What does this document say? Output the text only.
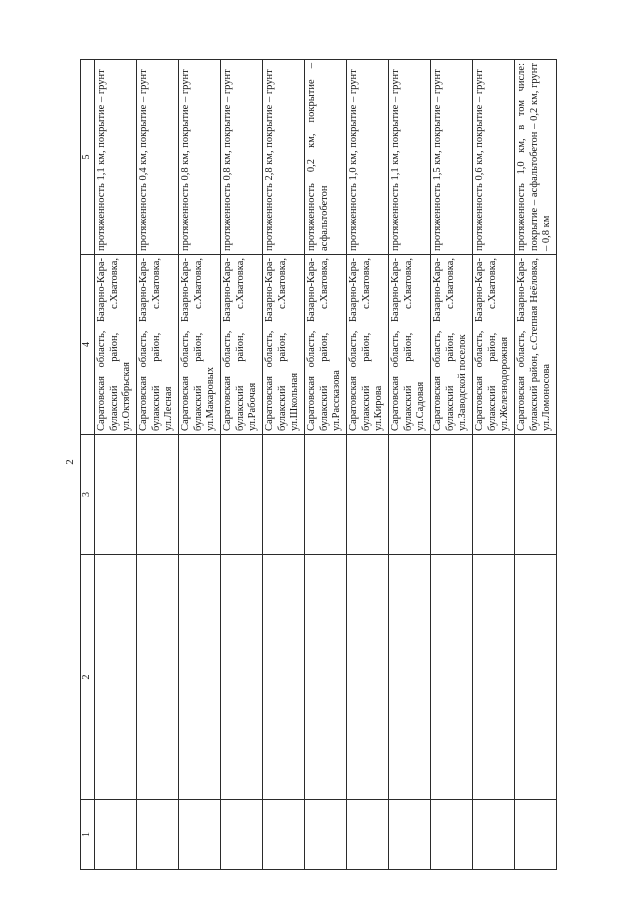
2
1	2	3	4	5
			Саратовская область, Базарно-Кара-булакский район, с.Хватовка, ул.Октябрьская	протяженность 1,1 км, покрытие – грунт
			Саратовская область, Базарно-Кара-булакский район, с.Хватовка, ул.Лесная	протяженность 0,4 км, покрытие – грунт
			Саратовская область, Базарно-Кара-булакский район, с.Хватовка, ул.Макаровых	протяженность 0,8 км, покрытие – грунт
			Саратовская область, Базарно-Кара-булакский район, с.Хватовка, ул.Рабочая	протяженность 0,8 км, покрытие – грунт
			Саратовская область, Базарно-Кара-булакский район, с.Хватовка, ул.Школьная	протяженность 2,8 км, покрытие – грунт
			Саратовская область, Базарно-Кара-булакский район, с.Хватовка, ул.Рассказова	протяженность 0,2 км, покрытие – асфальтобетон
			Саратовская область, Базарно-Кара-булакский район, с.Хватовка, ул.Кирова	протяженность 1,0 км, покрытие – грунт
			Саратовская область, Базарно-Кара-булакский район, с.Хватовка, ул.Садовая	протяженность 1,1 км, покрытие – грунт
			Саратовская область, Базарно-Кара-булакский район, с.Хватовка, ул.Заводской поселок	протяженность 1,5 км, покрытие – грунт
			Саратовская область, Базарно-Кара-булакский район, с.Хватовка, ул.Железнодорожная	протяженность 0,6 км, покрытие – грунт
			Саратовская область, Базарно-Кара-булакский район, с.Степная Неёловка, ул.Ломоносова	протяженность 1,0 км, в том числе: покрытие – асфальтобетон – 0,2 км, грунт – 0,8 км
